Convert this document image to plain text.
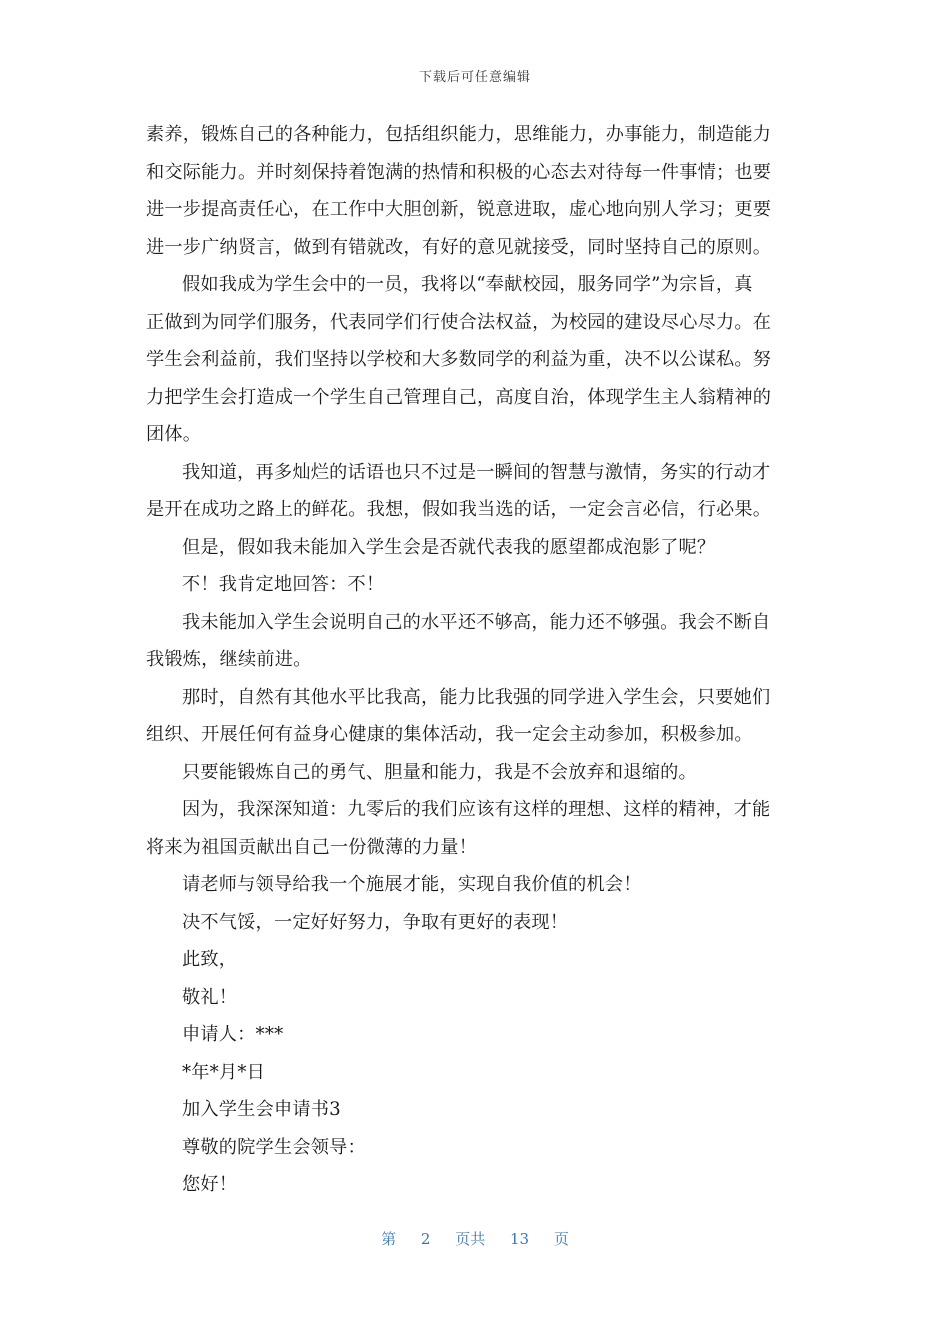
下载后可任意编辑
素养，锻炼自己的各种能力，包括组织能力，思维能力，办事能力，制造能力
和交际能力。并时刻保持着饱满的热情和积极的心态去对待每一件事情；也要
进一步提高责任心，在工作中大胆创新，锐意进取，虚心地向别人学习；更要
进一步广纳贤言，做到有错就改，有好的意见就接受，同时坚持自己的原则。
假如我成为学生会中的一员，我将以“奉献校园，服务同学”为宗旨，真
正做到为同学们服务，代表同学们行使合法权益，为校园的建设尽心尽力。在
学生会利益前，我们坚持以学校和大多数同学的利益为重，决不以公谋私。努
力把学生会打造成一个学生自己管理自己，高度自治，体现学生主人翁精神的
团体。
我知道，再多灿烂的话语也只不过是一瞬间的智慧与激情，务实的行动才
是开在成功之路上的鲜花。我想，假如我当选的话，一定会言必信，行必果。
但是，假如我未能加入学生会是否就代表我的愿望都成泡影了呢？
不！我肯定地回答：不！
我未能加入学生会说明自己的水平还不够高，能力还不够强。我会不断自
我锻炼，继续前进。
那时，自然有其他水平比我高，能力比我强的同学进入学生会，只要她们
组织、开展任何有益身心健康的集体活动，我一定会主动参加，积极参加。
只要能锻炼自己的勇气、胆量和能力，我是不会放弃和退缩的。
因为，我深深知道：九零后的我们应该有这样的理想、这样的精神，才能
将来为祖国贡献出自己一份微薄的力量！
请老师与领导给我一个施展才能，实现自我价值的机会！
决不气馁，一定好好努力，争取有更好的表现！
此致，
敬礼！
申请人：***
*年*月*日
加入学生会申请书3
尊敬的院学生会领导：
您好！
第 2 页共 13 页
